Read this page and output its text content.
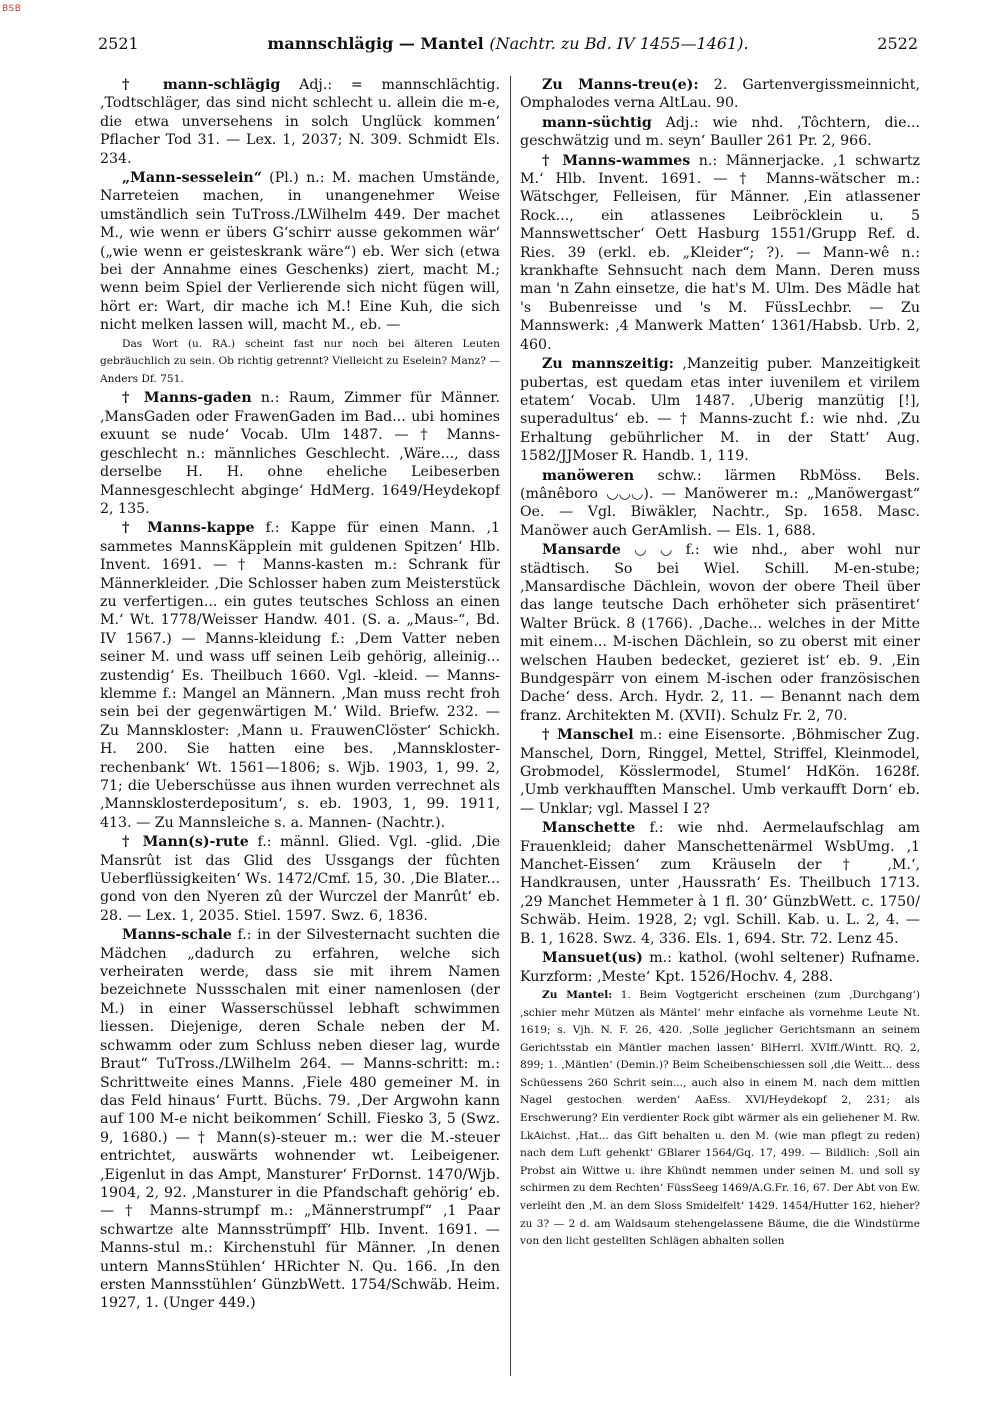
BSB
2521	mannschlägig — Mantel (Nachtr. zu Bd. IV 1455—1461).	2522

† mann-schlägig Adj.: = mannschlächtig. ‚Todtschläger, das sind nicht schlecht u. allein die m-e, die etwa unversehens in solch Unglück kommen‘ Pflacher Tod 31. — Lex. 1, 2037; N. 309. Schmidt Els. 234.

„Mann-sesselein“ (Pl.) n.: M. machen Umstände, Narreteien machen, in unangenehmer Weise umständlich sein TuTross./LWilhelm 449. Der machet M., wie wenn er übers G‘schirr ausse gekommen wär‘ („wie wenn er geisteskrank wäre“) eb. Wer sich (etwa bei der Annahme eines Geschenks) ziert, macht M.; wenn beim Spiel der Verlierende sich nicht fügen will, hört er: Wart, dir mache ich M.! Eine Kuh, die sich nicht melken lassen will, macht M., eb. —

Das Wort (u. RA.) scheint fast nur noch bei älteren Leuten gebräuchlich zu sein. Ob richtig getrennt? Vielleicht zu Eselein? Manz? — Anders Df. 751.

† Manns-gaden n.: Raum, Zimmer für Männer. ‚MansGaden oder FrawenGaden im Bad... ubi homines exuunt se nude‘ Vocab. Ulm 1487. — † Manns-geschlecht n.: männliches Geschlecht. ‚Wäre..., dass derselbe H. H. ohne eheliche Leibeserben Mannesgeschlecht abginge‘ HdMerg. 1649/Heydekopf 2, 135.

† Manns-kappe f.: Kappe für einen Mann. ‚1 sammetes MannsKäpplein mit guldenen Spitzen‘ Hlb. Invent. 1691. — † Manns-kasten m.: Schrank für Männerkleider. ‚Die Schlosser haben zum Meisterstück zu verfertigen... ein gutes teutsches Schloss an einen M.‘ Wt. 1778/Weisser Handw. 401. (S. a. „Maus-“, Bd. IV 1567.) — Manns-kleidung f.: ‚Dem Vatter neben seiner M. und wass uff seinen Leib gehörig, alleinig... zustendig‘ Es. Theilbuch 1660. Vgl. -kleid. — Manns-klemme f.: Mangel an Männern. ‚Man muss recht froh sein bei der gegenwärtigen M.‘ Wild. Briefw. 232. — Zu Mannskloster: ‚Mann u. FrauwenClöster‘ Schickh. H. 200. Sie hatten eine bes. ‚Mannskloster-rechenbank‘ Wt. 1561—1806; s. Wjb. 1903, 1, 99. 2, 71; die Ueberschüsse aus ihnen wurden verrechnet als ‚Mannsklosterdepositum‘, s. eb. 1903, 1, 99. 1911, 413. — Zu Mannsleiche s. a. Mannen- (Nachtr.).

† Mann(s)-rute f.: männl. Glied. Vgl. -glid. ‚Die Mansrût ist das Glid des Ussgangs der fûchten Ueberflüssigkeiten‘ Ws. 1472/Cmf. 15, 30. ‚Die Blater... gond von den Nyeren zû der Wurczel der Manrût‘ eb. 28. — Lex. 1, 2035. Stiel. 1597. Swz. 6, 1836.

Manns-schale f.: in der Silvesternacht suchten die Mädchen „dadurch zu erfahren, welche sich verheiraten werde, dass sie mit ihrem Namen bezeichnete Nussschalen mit einer namenlosen (der M.) in einer Wasserschüssel lebhaft schwimmen liessen. Diejenige, deren Schale neben der M. schwamm oder zum Schluss neben dieser lag, wurde Braut“ TuTross./LWilhelm 264. — Manns-schritt: m.: Schrittweite eines Manns. ‚Fiele 480 gemeiner M. in das Feld hinaus‘ Furtt. Büchs. 79. ‚Der Argwohn kann auf 100 M-e nicht beikommen‘ Schill. Fiesko 3, 5 (Swz. 9, 1680.) — † Mann(s)-steuer m.: wer die M.-steuer entrichtet, auswärts wohnender wt. Leibeigener. ‚Eigenlut in das Ampt, Mansturer‘ FrDornst. 1470/Wjb. 1904, 2, 92. ‚Mansturer in die Pfandschaft gehörig‘ eb. — † Manns-strumpf m.: „Männerstrumpf“ ‚1 Paar schwartze alte Mannsstrümpff‘ Hlb. Invent. 1691. — Manns-stul m.: Kirchenstuhl für Männer. ‚In denen untern MannsStühlen‘ HRichter N. Qu. 166. ‚In den ersten Mannsstühlen‘ GünzbWett. 1754/Schwäb. Heim. 1927, 1. (Unger 449.)

Zu Manns-treu(e): 2. Gartenvergissmeinnicht, Omphalodes verna AltLau. 90.

mann-süchtig Adj.: wie nhd. ‚Tôchtern, die... geschwätzig und m. seyn‘ Bauller 261 Pr. 2, 966.

† Manns-wammes n.: Männerjacke. ‚1 schwartz M.‘ Hlb. Invent. 1691. — † Manns-wätscher m.: Wätschger, Felleisen, für Männer. ‚Ein atlassener Rock..., ein atlassenes Leibröcklein u. 5 Mannswettscher‘ Oett Hasburg 1551/Grupp Ref. d. Ries. 39 (erkl. eb. „Kleider“; ?). — Mann-wê n.: krankhafte Sehnsucht nach dem Mann. Deren muss man 'n Zahn einsetze, die hat's M. Ulm. Des Mädle hat 's Bubenreisse und 's M. FüssLechbr. — Zu Mannswerk: ‚4 Manwerk Matten‘ 1361/Habsb. Urb. 2, 460.

Zu mannszeitig: ‚Manzeitig puber. Manzeitigkeit pubertas, est quedam etas inter iuvenilem et virilem etatem‘ Vocab. Ulm 1487. ‚Uberig manzütig [!], superadultus‘ eb. — † Manns-zucht f.: wie nhd. ‚Zu Erhaltung gebührlicher M. in der Statt‘ Aug. 1582/JJMoser R. Handb. 1, 119.

manöweren schw.: lärmen RbMöss. Bels. (mânêboro ◡◡◡). — Manöwerer m.: „Manöwergast“ Oe. — Vgl. Biwäkler, Nachtr., Sp. 1658. Masc. Manöwer auch GerAmlish. — Els. 1, 688.

Mansarde ◡ ◡ f.: wie nhd., aber wohl nur städtisch. So bei Wiel. Schill. M-en-stube; ‚Mansardische Dächlein, wovon der obere Theil über das lange teutsche Dach erhöheter sich präsentiret‘ Walter Brück. 8 (1766). ‚Dache... welches in der Mitte mit einem... M-ischen Dächlein, so zu oberst mit einer welschen Hauben bedecket, gezieret ist‘ eb. 9. ‚Ein Bundgespärr von einem M-ischen oder französischen Dache‘ dess. Arch. Hydr. 2, 11. — Benannt nach dem franz. Architekten M. (XVII). Schulz Fr. 2, 70.

† Manschel m.: eine Eisensorte. ‚Böhmischer Zug. Manschel, Dorn, Ringgel, Mettel, Striffel, Kleinmodel, Grobmodel, Kösslermodel, Stumel‘ HdKön. 1628f. ‚Umb verkhaufften Manschel. Umb verkaufft Dorn‘ eb. — Unklar; vgl. Massel I 2?

Manschette f.: wie nhd. Aermelaufschlag am Frauenkleid; daher Manschettenärmel WsbUmg. ‚1 Manchet-Eissen‘ zum Kräuseln der † ‚M.‘, Handkrausen, unter ‚Haussrath‘ Es. Theilbuch 1713. ‚29 Manchet Hemmeter à 1 fl. 30‘ GünzbWett. c. 1750/ Schwäb. Heim. 1928, 2; vgl. Schill. Kab. u. L. 2, 4. — B. 1, 1628. Swz. 4, 336. Els. 1, 694. Str. 72. Lenz 45.

Mansuet(us) m.: kathol. (wohl seltener) Rufname. Kurzform: ‚Meste‘ Kpt. 1526/Hochv. 4, 288.

Zu Mantel: 1. Beim Vogtgericht erscheinen (zum ‚Durchgang‘) ‚schier mehr Mützen als Mäntel‘ mehr einfache als vornehme Leute Nt. 1619; s. Vjh. N. F. 26, 420. ‚Solle jeglicher Gerichtsmann an seinem Gerichtsstab ein Mäntler machen lassen‘ BlHerrl. XVIff./Wintt. RQ. 2, 899; 1. ‚Mäntlen‘ (Demin.)? Beim Scheibenschiessen soll ‚die Weitt... dess Schüessens 260 Schrit sein..., auch also in einem M. nach dem mittlen Nagel gestochen werden‘ AaEss. XVI/Heydekopf 2, 231; als Erschwerung? Ein verdienter Rock gibt wärmer als ein geliehener M. Rw. LkAichst. ‚Hat... das Gift behalten u. den M. (wie man pflegt zu reden) nach dem Luft gehenkt‘ GBlarer 1564/Gq. 17, 499. — Bildlich: ‚Soll ain Probst ain Wittwe u. ihre Khündt nemmen under seinen M. und soll sy schirmen zu dem Rechten‘ FüssSeeg 1469/A.G.Fr. 16, 67. Der Abt von Ew. verleiht den ‚M. an dem Sloss Smidelfelt‘ 1429. 1454/Hutter 162, hieher? zu 3? — 2 d. am Waldsaum stehengelassene Bäume, die die Windstürme von den licht gestellten Schlägen abhalten sollen
